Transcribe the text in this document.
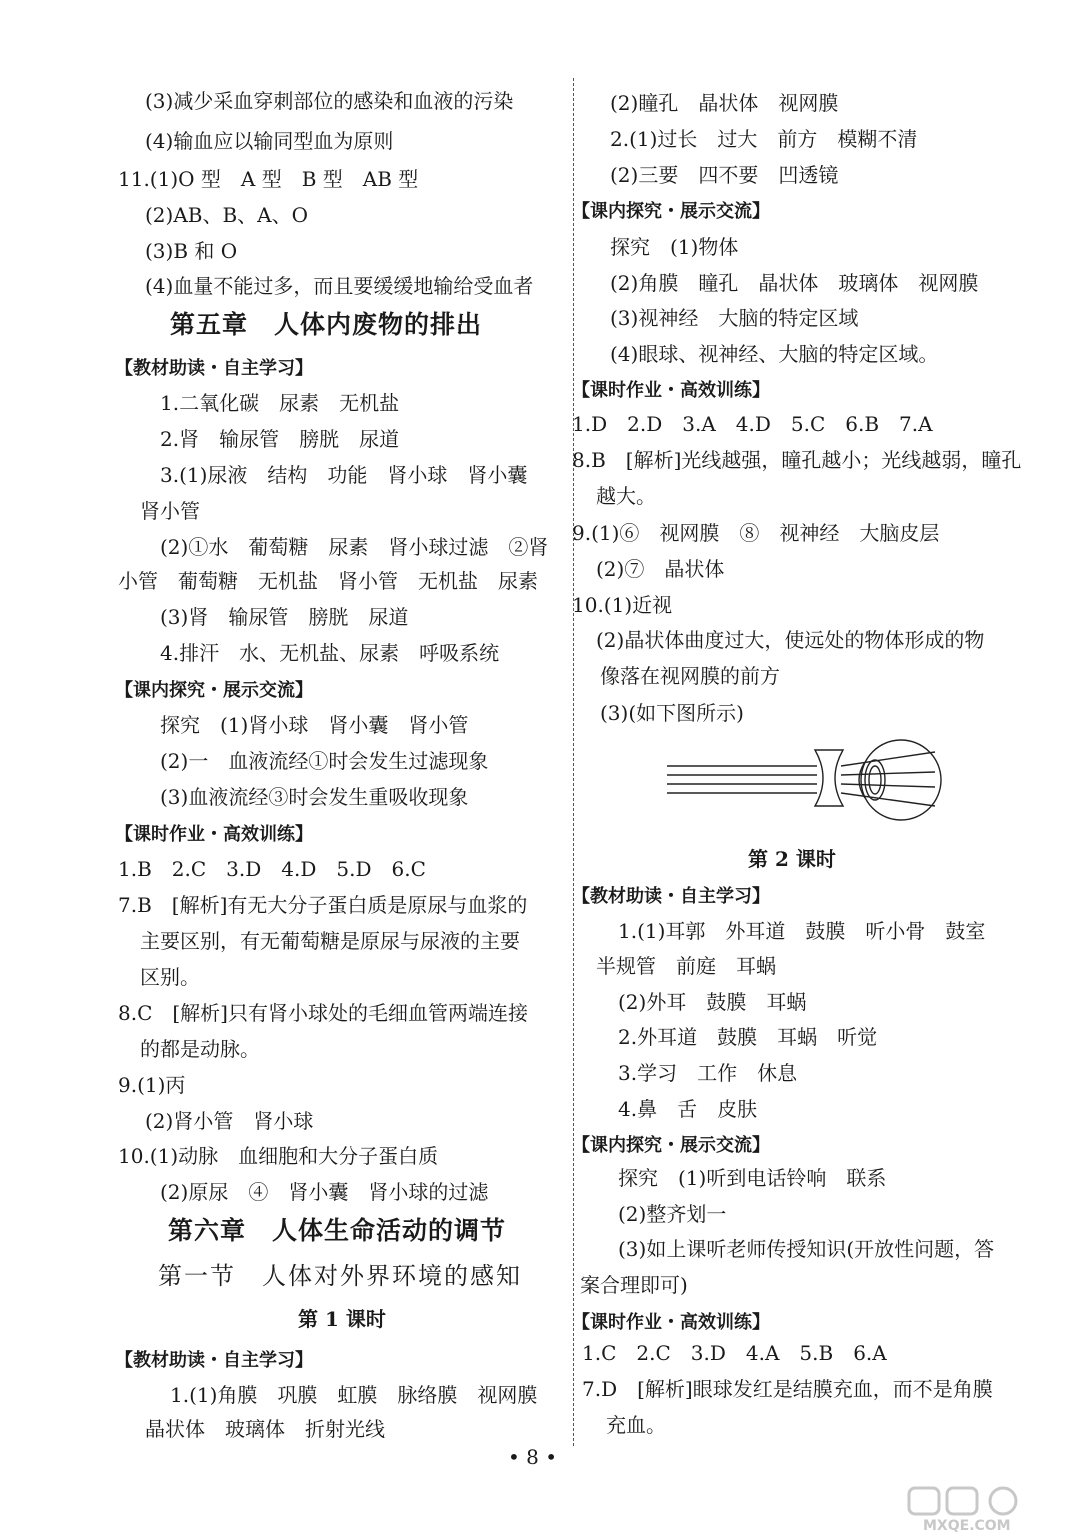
(3)减少采血穿刺部位的感染和血液的污染
(4)输血应以输同型血为原则
11.(1)O 型　A 型　B 型　AB 型
(2)AB、B、A、O
(3)B 和 O
第五章　人体内废物的排出
(4)血量不能过多，而且要缓缓地输给受血者
【教材助读・自主学习】
1.二氧化碳　尿素　无机盐
2.肾　输尿管　膀胱　尿道
3.(1)尿液　结构　功能　肾小球　肾小囊
肾小管
(2)①水　葡萄糖　尿素　肾小球过滤　②肾
小管　葡萄糖　无机盐　肾小管　无机盐　尿素
(3)肾　输尿管　膀胱　尿道
4.排汗　水、无机盐、尿素　呼吸系统
【课内探究・展示交流】
探究　(1)肾小球　肾小囊　肾小管
(2)一　血液流经①时会发生过滤现象
(3)血液流经③时会发生重吸收现象
【课时作业・高效训练】
1.B　2.C　3.D　4.D　5.D　6.C
7.B　[解析]有无大分子蛋白质是原尿与血浆的
主要区别，有无葡萄糖是原尿与尿液的主要
区别。
8.C　[解析]只有肾小球处的毛细血管两端连接
的都是动脉。
9.(1)丙
(2)肾小管　肾小球
10.(1)动脉　血细胞和大分子蛋白质
(2)原尿　④　肾小囊　肾小球的过滤
第六章　人体生命活动的调节
第一节　人体对外界环境的感知
第 1 课时
【教材助读・自主学习】
1.(1)角膜　巩膜　虹膜　脉络膜　视网膜
晶状体　玻璃体　折射光线
(2)瞳孔　晶状体　视网膜
2.(1)过长　过大　前方　模糊不清
(2)三要　四不要　凹透镜
【课内探究・展示交流】
探究　(1)物体
(2)角膜　瞳孔　晶状体　玻璃体　视网膜
(3)视神经　大脑的特定区域
(4)眼球、视神经、大脑的特定区域。
【课时作业・高效训练】
1.D　2.D　3.A　4.D　5.C　6.B　7.A
8.B　[解析]光线越强，瞳孔越小；光线越弱，瞳孔
越大。
9.(1)⑥　视网膜　⑧　视神经　大脑皮层
(2)⑦　晶状体
10.(1)近视
(2)晶状体曲度过大，使远处的物体形成的物
像落在视网膜的前方
(3)(如下图所示)
第 2 课时
【教材助读・自主学习】
1.(1)耳郭　外耳道　鼓膜　听小骨　鼓室
半规管　前庭　耳蜗
(2)外耳　鼓膜　耳蜗
2.外耳道　鼓膜　耳蜗　听觉
3.学习　工作　休息
4.鼻　舌　皮肤
【课内探究・展示交流】
探究　(1)听到电话铃响　联系
(2)整齐划一
(3)如上课听老师传授知识(开放性问题，答
案合理即可)
【课时作业・高效训练】
1.C　2.C　3.D　4.A　5.B　6.A
7.D　[解析]眼球发红是结膜充血，而不是角膜
充血。
• 8 •
MXQE.COM
